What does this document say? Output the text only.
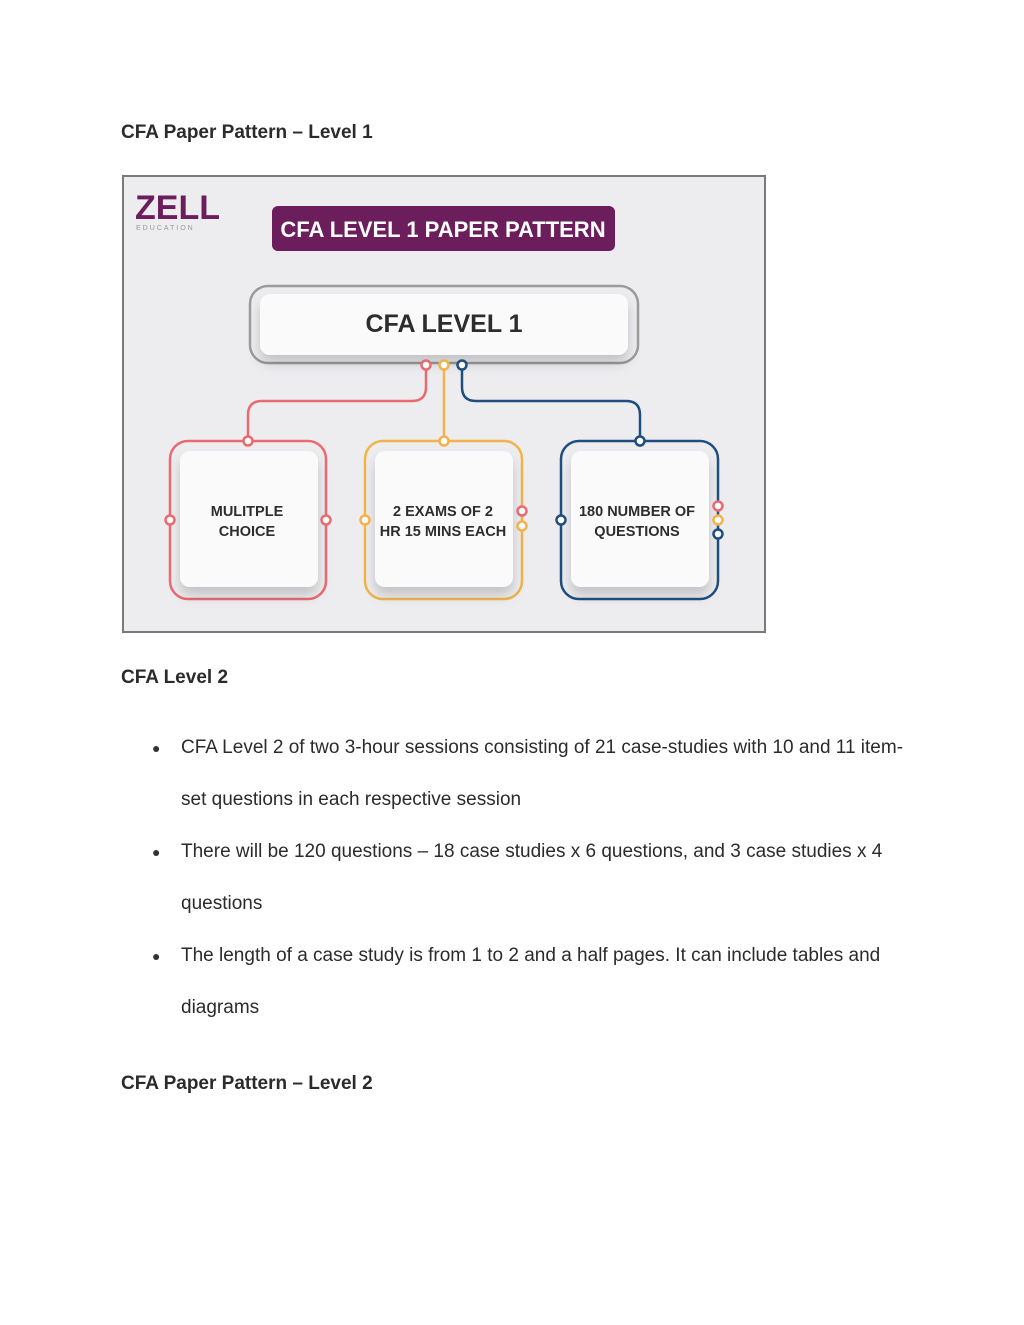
CFA Paper Pattern – Level 1
ZELL
EDUCATION	CFA LEVEL 1 PAPER PATTERN
CFA LEVEL 1
MULITPLE
CHOICE
2 EXAMS OF 2
HR 15 MINS EACH
180 NUMBER OF
QUESTIONS
CFA Level 2
● CFA Level 2 of two 3-hour sessions consisting of 21 case-studies with 10 and 11 item-set questions in each respective session
● There will be 120 questions – 18 case studies x 6 questions, and 3 case studies x 4 questions
● The length of a case study is from 1 to 2 and a half pages. It can include tables and diagrams
CFA Paper Pattern – Level 2
